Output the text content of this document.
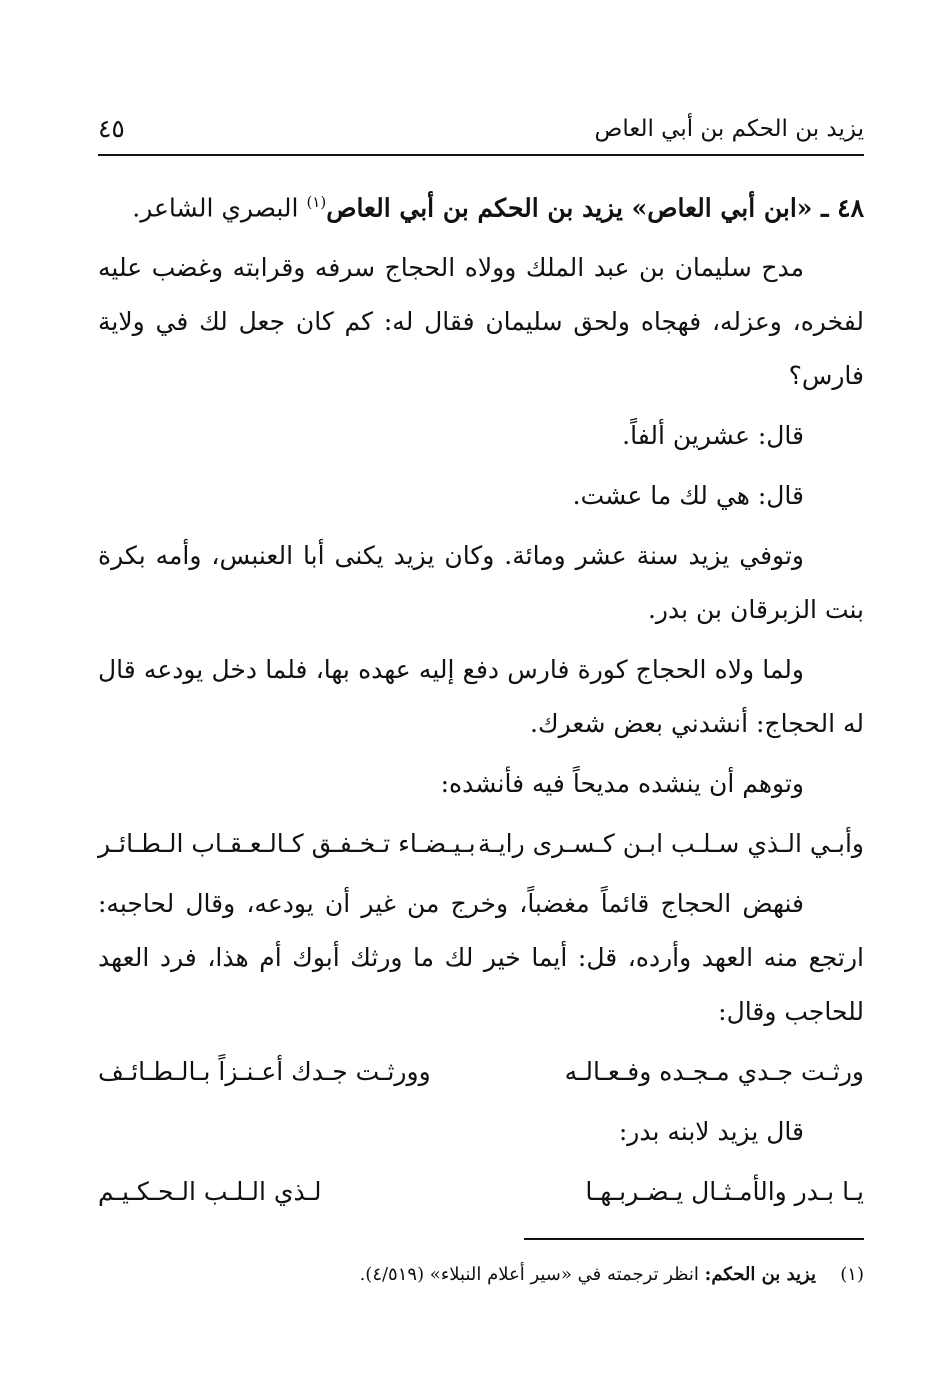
يزيد بن الحكم بن أبي العاص
٤٥

٤٨ ـ «ابن أبي العاص» يزيد بن الحكم بن أبي العاص$^{(١)}$ البصري الشاعر.

مدح سليمان بن عبد الملك وولاه الحجاج سرفه وقرابته وغضب عليه لفخره، وعزله، فهجاه ولحق سليمان فقال له: كم كان جعل لك في ولاية فارس؟

قال: عشرين ألفاً.

قال: هي لك ما عشت.

وتوفي يزيد سنة عشر ومائة. وكان يزيد يكنى أبا العنبس، وأمه بكرة بنت الزبرقان بن بدر.

ولما ولاه الحجاج كورة فارس دفع إليه عهده بها، فلما دخل يودعه قال له الحجاج: أنشدني بعض شعرك.

وتوهم أن ينشده مديحاً فيه فأنشده:

وأبـي الـذي سـلـب ابـن كـسـرى رايـة
بـيـضـاء تـخـفـق كـالـعـقـاب الـطـائـر

فنهض الحجاج قائماً مغضباً، وخرج من غير أن يودعه، وقال لحاجبه: ارتجع منه العهد وأرده، قل: أيما خير لك ما ورثك أبوك أم هذا، فرد العهد للحاجب وقال:

ورثـت جـدي مـجـده وفـعـالـه
وورثـت جـدك أعـنـزاً بـالـطـائـف

قال يزيد لابنه بدر:

يـا بـدر والأمـثـال يـضـربـهـا
لـذي الـلـب الـحـكـيـم
(١)يزيد بن الحكم: انظر ترجمته في «سير أعلام النبلاء» (٤/٥١٩).
